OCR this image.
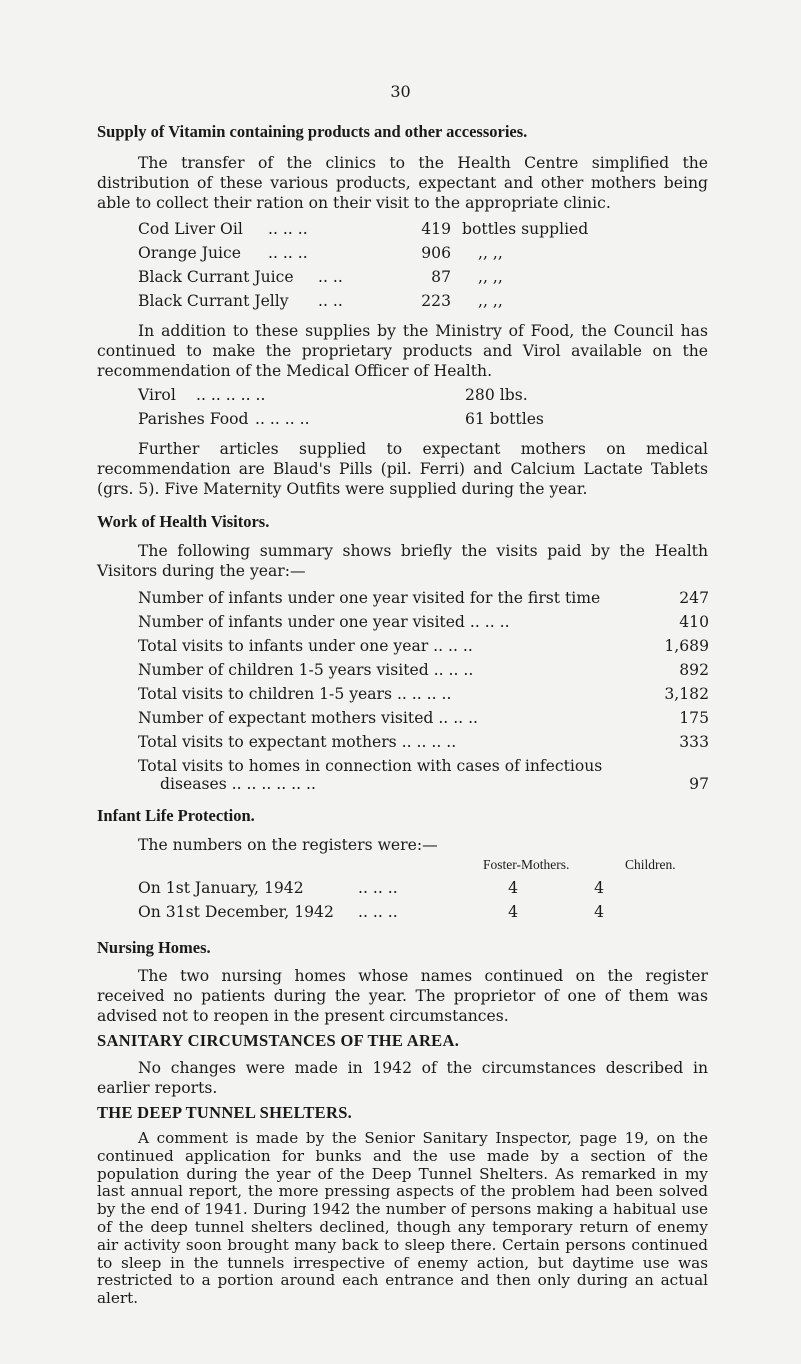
30
Supply of Vitamin containing products and other accessories.
The transfer of the clinics to the Health Centre simplified the distribution of these various products, expectant and other mothers being able to collect their ration on their visit to the appropriate clinic.
Cod Liver Oil .. .. ..	419 bottles supplied
Orange Juice .. .. ..	906 ,, ,,
Black Currant Juice .. ..	87 ,, ,,
Black Currant Jelly .. ..	223 ,, ,,
In addition to these supplies by the Ministry of Food, the Council has continued to make the proprietary products and Virol available on the recommendation of the Medical Officer of Health.
Virol .. .. .. .. ..	280 lbs.
Parishes Food .. .. .. ..	61 bottles
Further articles supplied to expectant mothers on medical recommendation are Blaud's Pills (pil. Ferri) and Calcium Lactate Tablets (grs. 5). Five Maternity Outfits were supplied during the year.
Work of Health Visitors.
The following summary shows briefly the visits paid by the Health Visitors during the year:—
Number of infants under one year visited for the first time	247
Number of infants under one year visited .. .. ..	410
Total visits to infants under one year .. .. ..	1,689
Number of children 1-5 years visited .. .. ..	892
Total visits to children 1-5 years .. .. .. ..	3,182
Number of expectant mothers visited .. .. ..	175
Total visits to expectant mothers .. .. .. ..	333
Total visits to homes in connection with cases of infectious
diseases .. .. .. .. .. ..	97
Infant Life Protection.
The numbers on the registers were:—
Foster-Mothers.	Children.
On 1st January, 1942	.. .. ..	4	4
On 31st December, 1942 .. .. ..	4	4
Nursing Homes.
The two nursing homes whose names continued on the register received no patients during the year. The proprietor of one of them was advised not to reopen in the present circumstances.
SANITARY CIRCUMSTANCES OF THE AREA.
No changes were made in 1942 of the circumstances described in earlier reports.
THE DEEP TUNNEL SHELTERS.
A comment is made by the Senior Sanitary Inspector, page 19, on the continued application for bunks and the use made by a section of the population during the year of the Deep Tunnel Shelters. As remarked in my last annual report, the more pressing aspects of the problem had been solved by the end of 1941. During 1942 the number of persons making a habitual use of the deep tunnel shelters declined, though any temporary return of enemy air activity soon brought many back to sleep there. Certain persons continued to sleep in the tunnels irrespective of enemy action, but daytime use was restricted to a portion around each entrance and then only during an actual alert.
